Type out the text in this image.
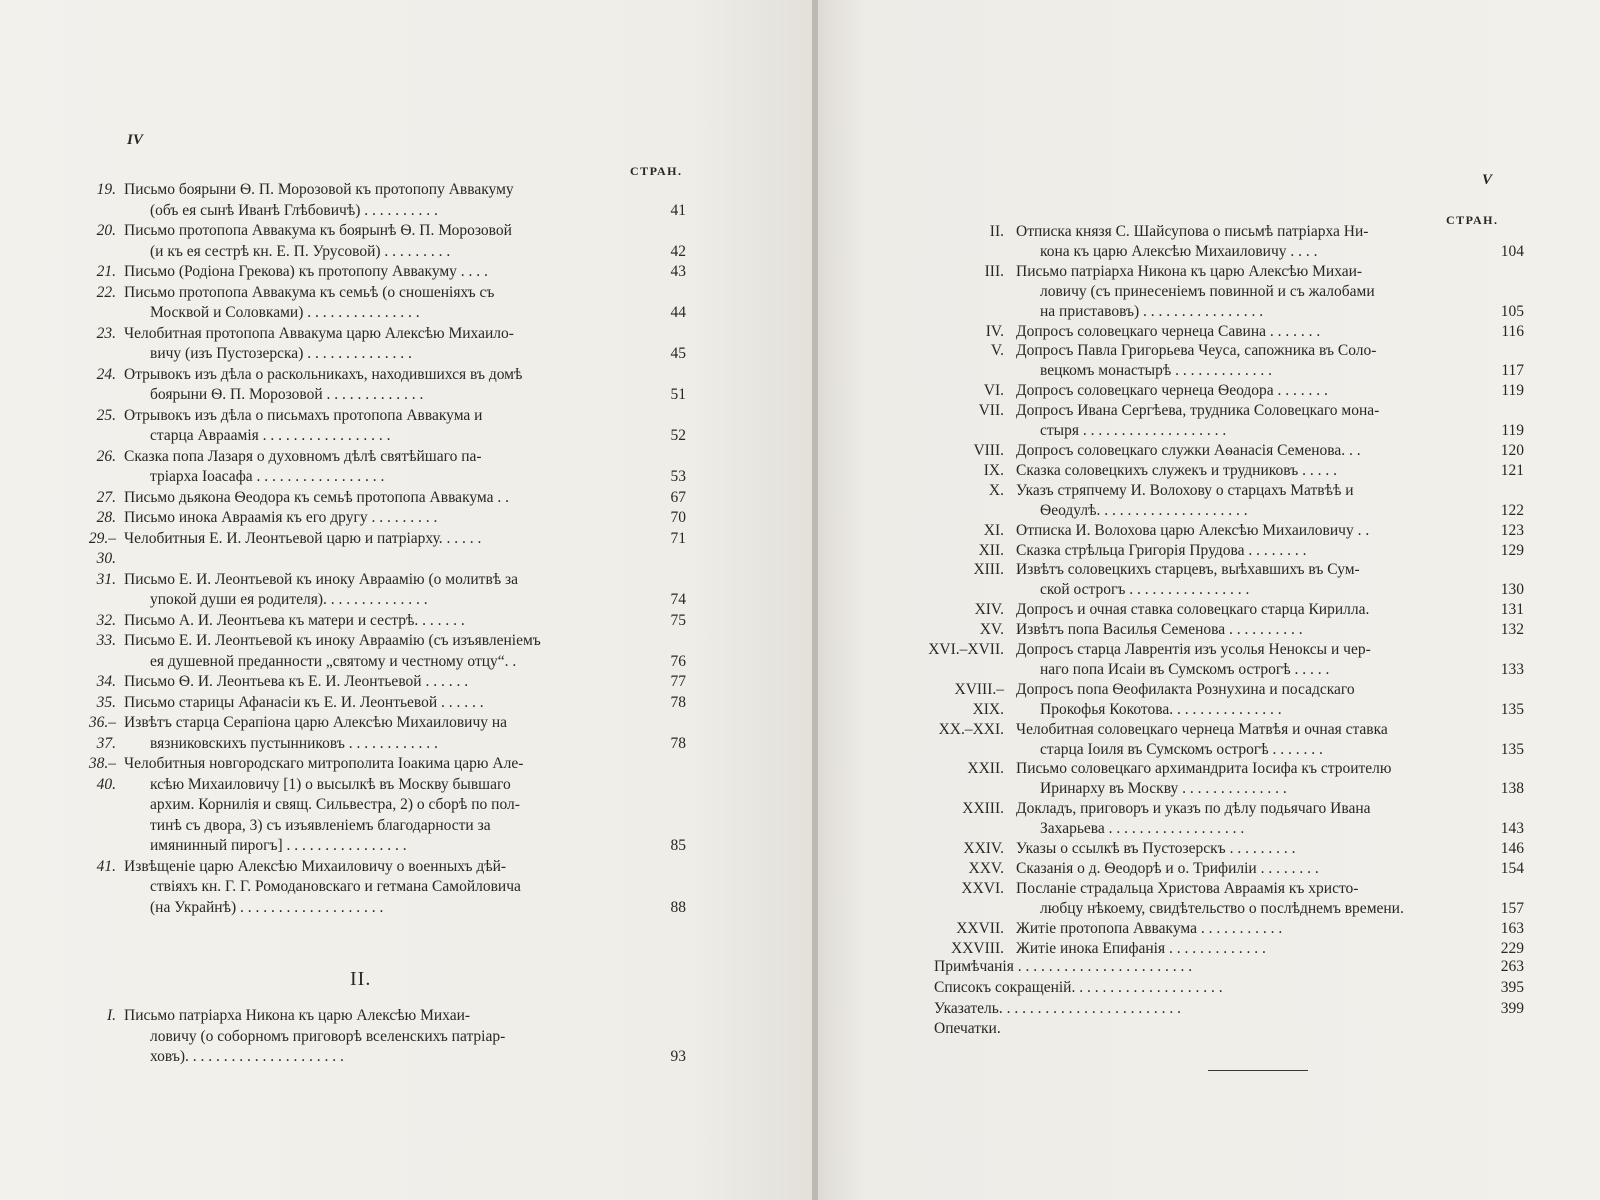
IV
СТРАН.
19. Письмо боярыни Ѳ. П. Морозовой къ протопопу Аввакуму
(объ ея сынѣ Иванѣ Глѣбовичѣ) . . . . . . . . . .
	41
20. Письмо протопопа Аввакума къ боярынѣ Ѳ. П. Морозовой
(и къ ея сестрѣ кн. Е. П. Урусовой) . . . . . . . . .
	42
21. Письмо (Родіона Грекова) къ протопопу Аввакуму . . . .	43
22. Письмо протопопа Аввакума къ семьѣ (о сношеніяхъ съ
Москвой и Соловками) . . . . . . . . . . . . . . .
	44
23. Челобитная протопопа Аввакума царю Алексѣю Михаило-
вичу (изъ Пустозерска) . . . . . . . . . . . . . .
	45
24. Отрывокъ изъ дѣла о раскольникахъ, находившихся въ домѣ
боярыни Ѳ. П. Морозовой . . . . . . . . . . . . .
	51
25. Отрывокъ изъ дѣла о письмахъ протопопа Аввакума и
старца Авраамія . . . . . . . . . . . . . . . . .
	52
26. Сказка попа Лазаря о духовномъ дѣлѣ святѣйшаго па-
тріарха Іоасафа . . . . . . . . . . . . . . . . .
	53
27. Письмо дьякона Ѳеодора къ семьѣ протопопа Аввакума . .	67
28. Письмо инока Авраамія къ его другу . . . . . . . . .	70
29.–30.
Челобитныя Е. И. Леонтьевой царю и патріарху. . . . . .	71
31. Письмо Е. И. Леонтьевой къ иноку Авраамію (о молитвѣ за
упокой души ея родителя). . . . . . . . . . . . . .
	74
32. Письмо А. И. Леонтьева къ матери и сестрѣ. . . . . . .	75
33. Письмо Е. И. Леонтьевой къ иноку Авраамію (съ изъявленіемъ
ея душевной преданности „святому и честному отцу“. .
	76
34. Письмо Ѳ. И. Леонтьева къ Е. И. Леонтьевой . . . . . .	77
35. Письмо старицы Афанасіи къ Е. И. Леонтьевой . . . . . .	78
36.–37.
Извѣтъ старца Серапіона царю Алексѣю Михаиловичу на
вязниковскихъ пустынниковъ . . . . . . . . . . . .
	78
38.–40.
Челобитныя новгородскаго митрополита Іоакима царю Але-
ксѣю Михаиловичу [1) о высылкѣ въ Москву бывшаго
архим. Корнилія и свящ. Сильвестра, 2) о сборѣ по пол-
тинѣ съ двора, 3) съ изъявленіемъ благодарности за
имянинный пирогъ] . . . . . . . . . . . . . . . .

	85
41. Извѣщеніе царю Алексѣю Михаиловичу о военныхъ дѣй-
ствіяхъ кн. Г. Г. Ромодановскаго и гетмана Самойловича
(на Украйнѣ) . . . . . . . . . . . . . . . . . . .

	88
II.
I. Письмо патріарха Никона къ царю Алексѣю Михаи-
ловичу (о соборномъ приговорѣ вселенскихъ патріар-
ховъ). . . . . . . . . . . . . . . . . . . . .

	93
V
СТРАН.
II. Отписка князя С. Шайсупова о письмѣ патріарха Ни-
кона къ царю Алексѣю Михаиловичу . . . .
	104
III. Письмо патріарха Никона къ царю Алексѣю Михаи-
ловичу (съ принесеніемъ повинной и съ жалобами
на приставовъ) . . . . . . . . . . . . . . . .

	105
IV. Допросъ соловецкаго чернеца Савина . . . . . . .	116
V. Допросъ Павла Григорьева Чеуса, сапожника въ Соло-
вецкомъ монастырѣ . . . . . . . . . . . . .
	117
VI. Допросъ соловецкаго чернеца Ѳеодора . . . . . . .	119
VII. Допросъ Ивана Сергѣева, трудника Соловецкаго мона-
стыря . . . . . . . . . . . . . . . . . . .
	119
VIII. Допросъ соловецкаго служки Аѳанасія Семенова. . .	120
IX. Сказка соловецкихъ служекъ и трудниковъ . . . . .	121
X. Указъ стряпчему И. Волохову о старцахъ Матвѣѣ и
Ѳеодулѣ. . . . . . . . . . . . . . . . . . . .
	122
XI. Отписка И. Волохова царю Алексѣю Михаиловичу . .	123
XII. Сказка стрѣльца Григорія Прудова . . . . . . . .	129
XIII. Извѣтъ соловецкихъ старцевъ, выѣхавшихъ въ Сум-
ской острогъ . . . . . . . . . . . . . . . .
	130
XIV. Допросъ и очная ставка соловецкаго старца Кирилла.	131
XV. Извѣтъ попа Василья Семенова . . . . . . . . . .	132
XVI.–XVII. Допросъ старца Лаврентія изъ усолья Неноксы и чер-
наго попа Исаіи въ Сумскомъ острогѣ . . . . .
	133
XVIII.–XIX.
Допросъ попа Ѳеофилакта Рознухина и посадскаго
Прокофья Кокотова. . . . . . . . . . . . . . .
	135
XX.–XXI. Челобитная соловецкаго чернеца Матвѣя и очная ставка
старца Іоиля въ Сумскомъ острогѣ . . . . . . .
	135
XXII. Письмо соловецкаго архимандрита Іосифа къ строителю
Иринарху въ Москву . . . . . . . . . . . . . .
	138
XXIII. Докладъ, приговоръ и указъ по дѣлу подьячаго Ивана
Захарьева . . . . . . . . . . . . . . . . . .
	143
XXIV. Указы о ссылкѣ въ Пустозерскъ . . . . . . . . .	146
XXV. Сказанія о д. Ѳеодорѣ и о. Трифиліи . . . . . . . .	154
XXVI. Посланіе страдальца Христова Авраамія къ христо-
любцу нѣкоему, свидѣтельство о послѣднемъ времени.
	157
XXVII. Житіе протопопа Аввакума . . . . . . . . . . .	163
XXVIII. Житіе инока Епифанія . . . . . . . . . . . . .	229
Примѣчанія . . . . . . . . . . . . . . . . . . . . . . .	263
Списокъ сокращеній. . . . . . . . . . . . . . . . . . . .	395
Указатель. . . . . . . . . . . . . . . . . . . . . . . .	399
Опечатки.
